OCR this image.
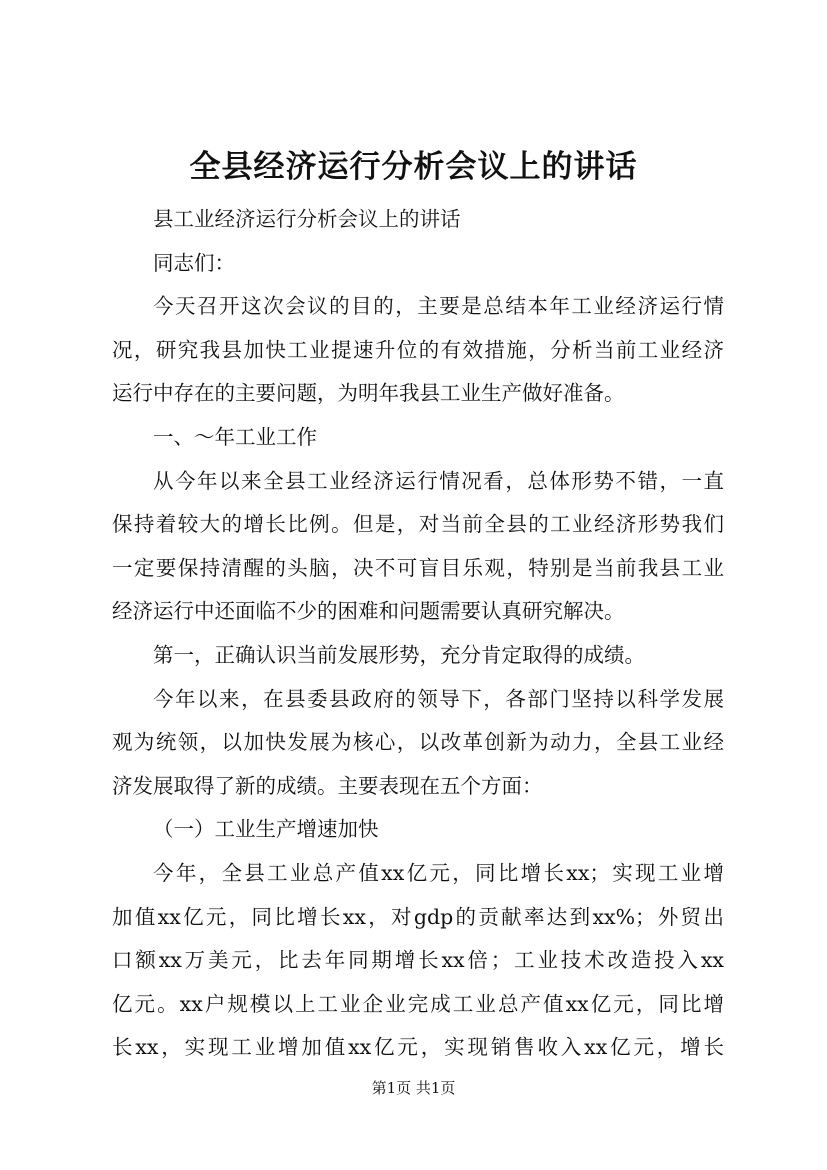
全县经济运行分析会议上的讲话
县工业经济运行分析会议上的讲话
同志们：
今天召开这次会议的目的，主要是总结本年工业经济运行情
况，研究我县加快工业提速升位的有效措施，分析当前工业经济
运行中存在的主要问题，为明年我县工业生产做好准备。
一、～年工业工作
从今年以来全县工业经济运行情况看，总体形势不错，一直
保持着较大的增长比例。但是，对当前全县的工业经济形势我们
一定要保持清醒的头脑，决不可盲目乐观，特别是当前我县工业
经济运行中还面临不少的困难和问题需要认真研究解决。
第一，正确认识当前发展形势，充分肯定取得的成绩。
今年以来，在县委县政府的领导下，各部门坚持以科学发展
观为统领，以加快发展为核心，以改革创新为动力，全县工业经
济发展取得了新的成绩。主要表现在五个方面：
（一）工业生产增速加快
今年，全县工业总产值xx亿元，同比增长xx；实现工业增
加值xx亿元，同比增长xx，对gdp的贡献率达到xx%；外贸出
口额xx万美元，比去年同期增长xx倍；工业技术改造投入xx
亿元。xx户规模以上工业企业完成工业总产值xx亿元，同比增
长xx，实现工业增加值xx亿元，实现销售收入xx亿元，增长
第1页 共1页
